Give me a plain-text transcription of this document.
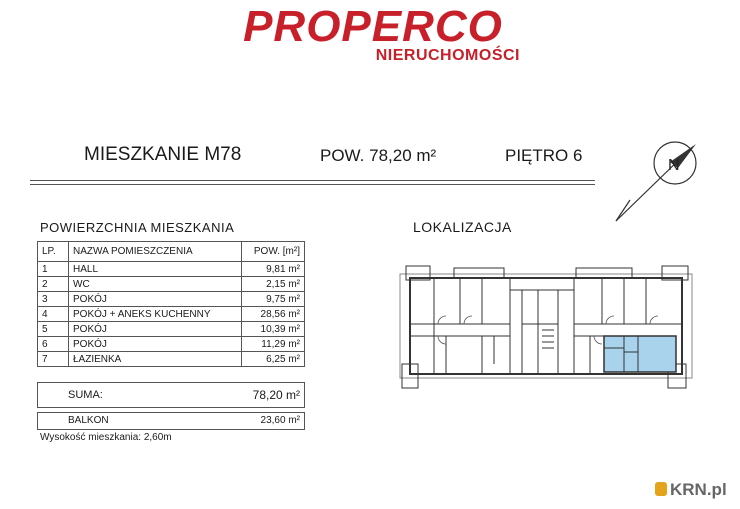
PROPERCO
NIERUCHOMOŚCI
MIESZKANIE M78	POW. 78,20 m²	PIĘTRO 6
N
POWIERZCHNIA MIESZKANIA	LOKALIZACJA
LP.	NAZWA POMIESZCZENIA	POW. [m²]
1	HALL	9,81 m²
2	WC	2,15 m²
3	POKÓJ	9,75 m²
4	POKÓJ + ANEKS KUCHENNY	28,56 m²
5	POKÓJ	10,39 m²
6	POKÓJ	11,29 m²
7	ŁAZIENKA	6,25 m²
SUMA:	78,20 m²
BALKON	23,60 m²
Wysokość mieszkania: 2,60m
KRN.pl
